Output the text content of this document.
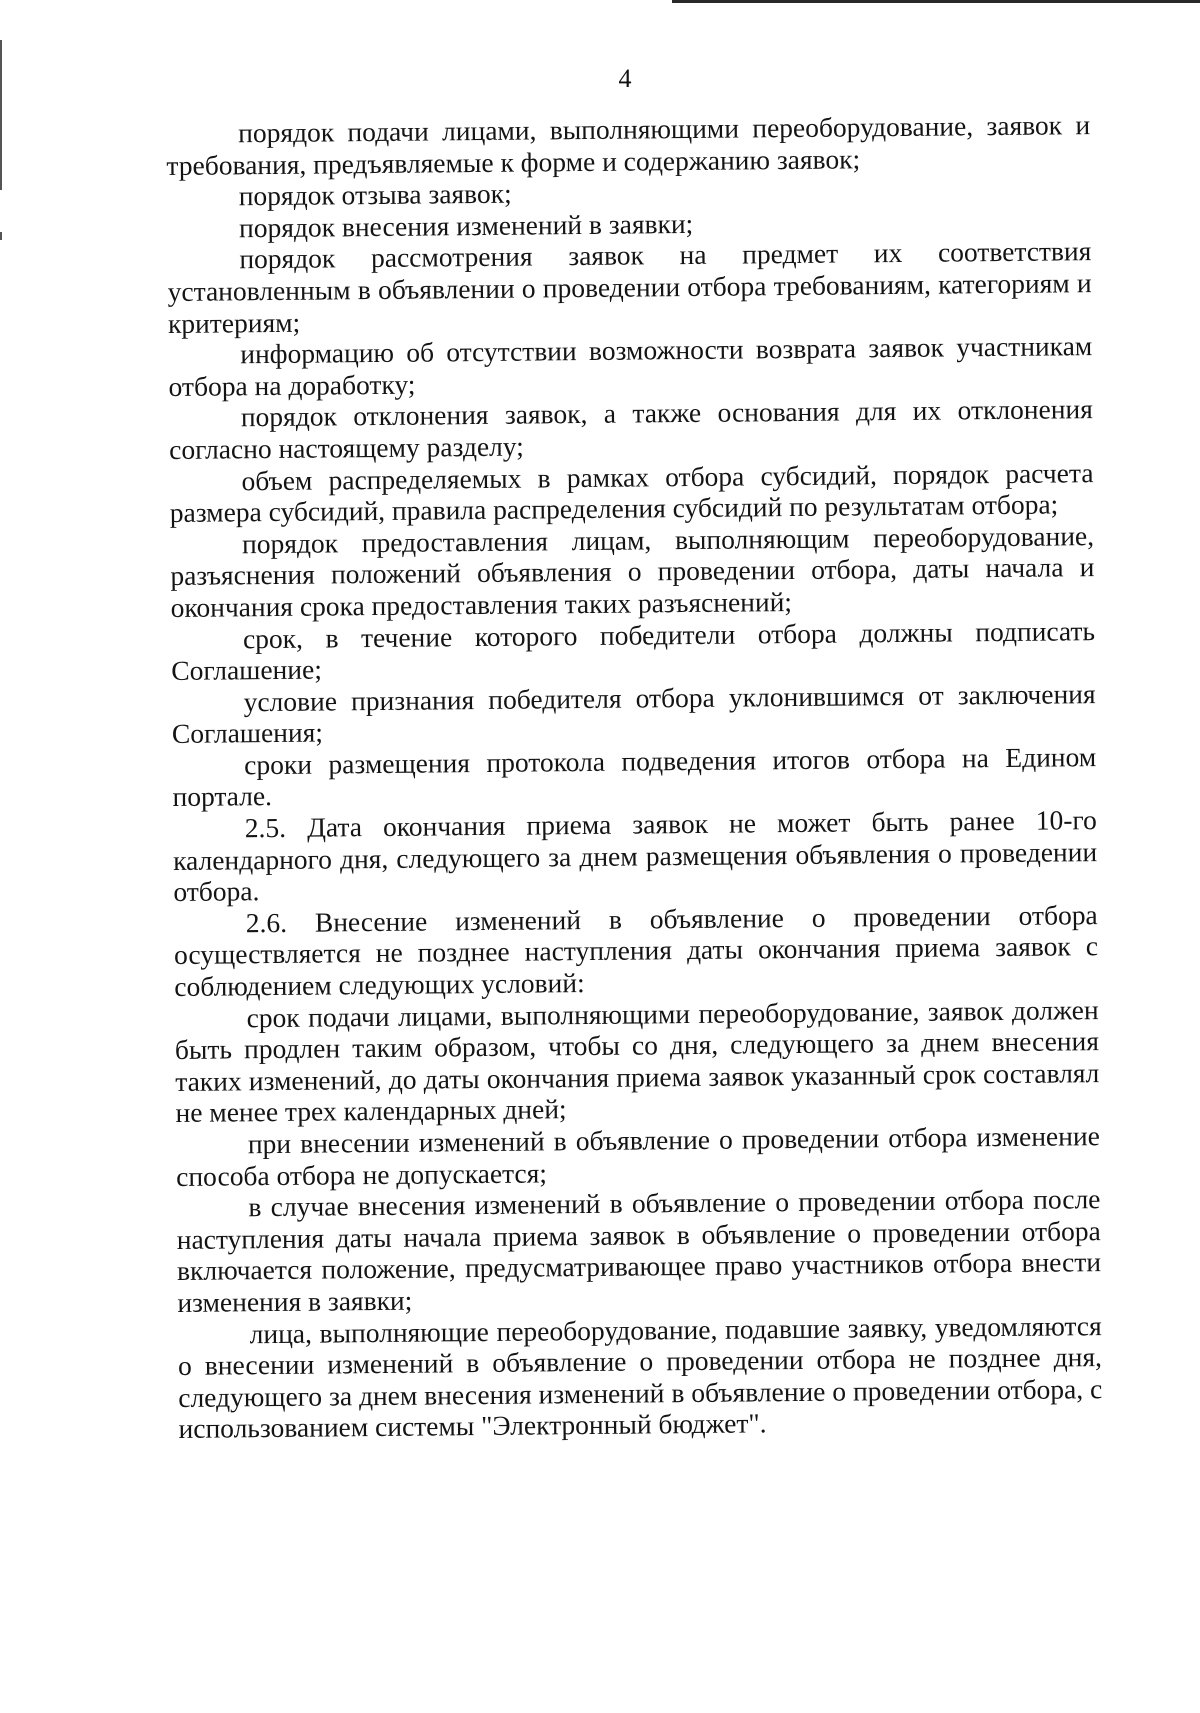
4

порядок подачи лицами, выполняющими переоборудование, заявок и требования, предъявляемые к форме и содержанию заявок;

порядок отзыва заявок;

порядок внесения изменений в заявки;

порядок рассмотрения заявок на предмет их соответствия установленным в объявлении о проведении отбора требованиям, категориям и критериям;

информацию об отсутствии возможности возврата заявок участникам отбора на доработку;

порядок отклонения заявок, а также основания для их отклонения согласно настоящему разделу;

объем распределяемых в рамках отбора субсидий, порядок расчета размера субсидий, правила распределения субсидий по результатам отбора;

порядок предоставления лицам, выполняющим переоборудование, разъяснения положений объявления о проведении отбора, даты начала и окончания срока предоставления таких разъяснений;

срок, в течение которого победители отбора должны подписать Соглашение;

условие признания победителя отбора уклонившимся от заключения Соглашения;

сроки размещения протокола подведения итогов отбора на Едином портале.

2.5. Дата окончания приема заявок не может быть ранее 10-го календарного дня, следующего за днем размещения объявления о проведении отбора.

2.6. Внесение изменений в объявление о проведении отбора осуществляется не позднее наступления даты окончания приема заявок с соблюдением следующих условий:

срок подачи лицами, выполняющими переоборудование, заявок должен быть продлен таким образом, чтобы со дня, следующего за днем внесения таких изменений, до даты окончания приема заявок указанный срок составлял не менее трех календарных дней;

при внесении изменений в объявление о проведении отбора изменение способа отбора не допускается;

в случае внесения изменений в объявление о проведении отбора после наступления даты начала приема заявок в объявление о проведении отбора включается положение, предусматривающее право участников отбора внести изменения в заявки;

лица, выполняющие переоборудование, подавшие заявку, уведомляются о внесении изменений в объявление о проведении отбора не позднее дня, следующего за днем внесения изменений в объявление о проведении отбора, с использованием системы "Электронный бюджет".
